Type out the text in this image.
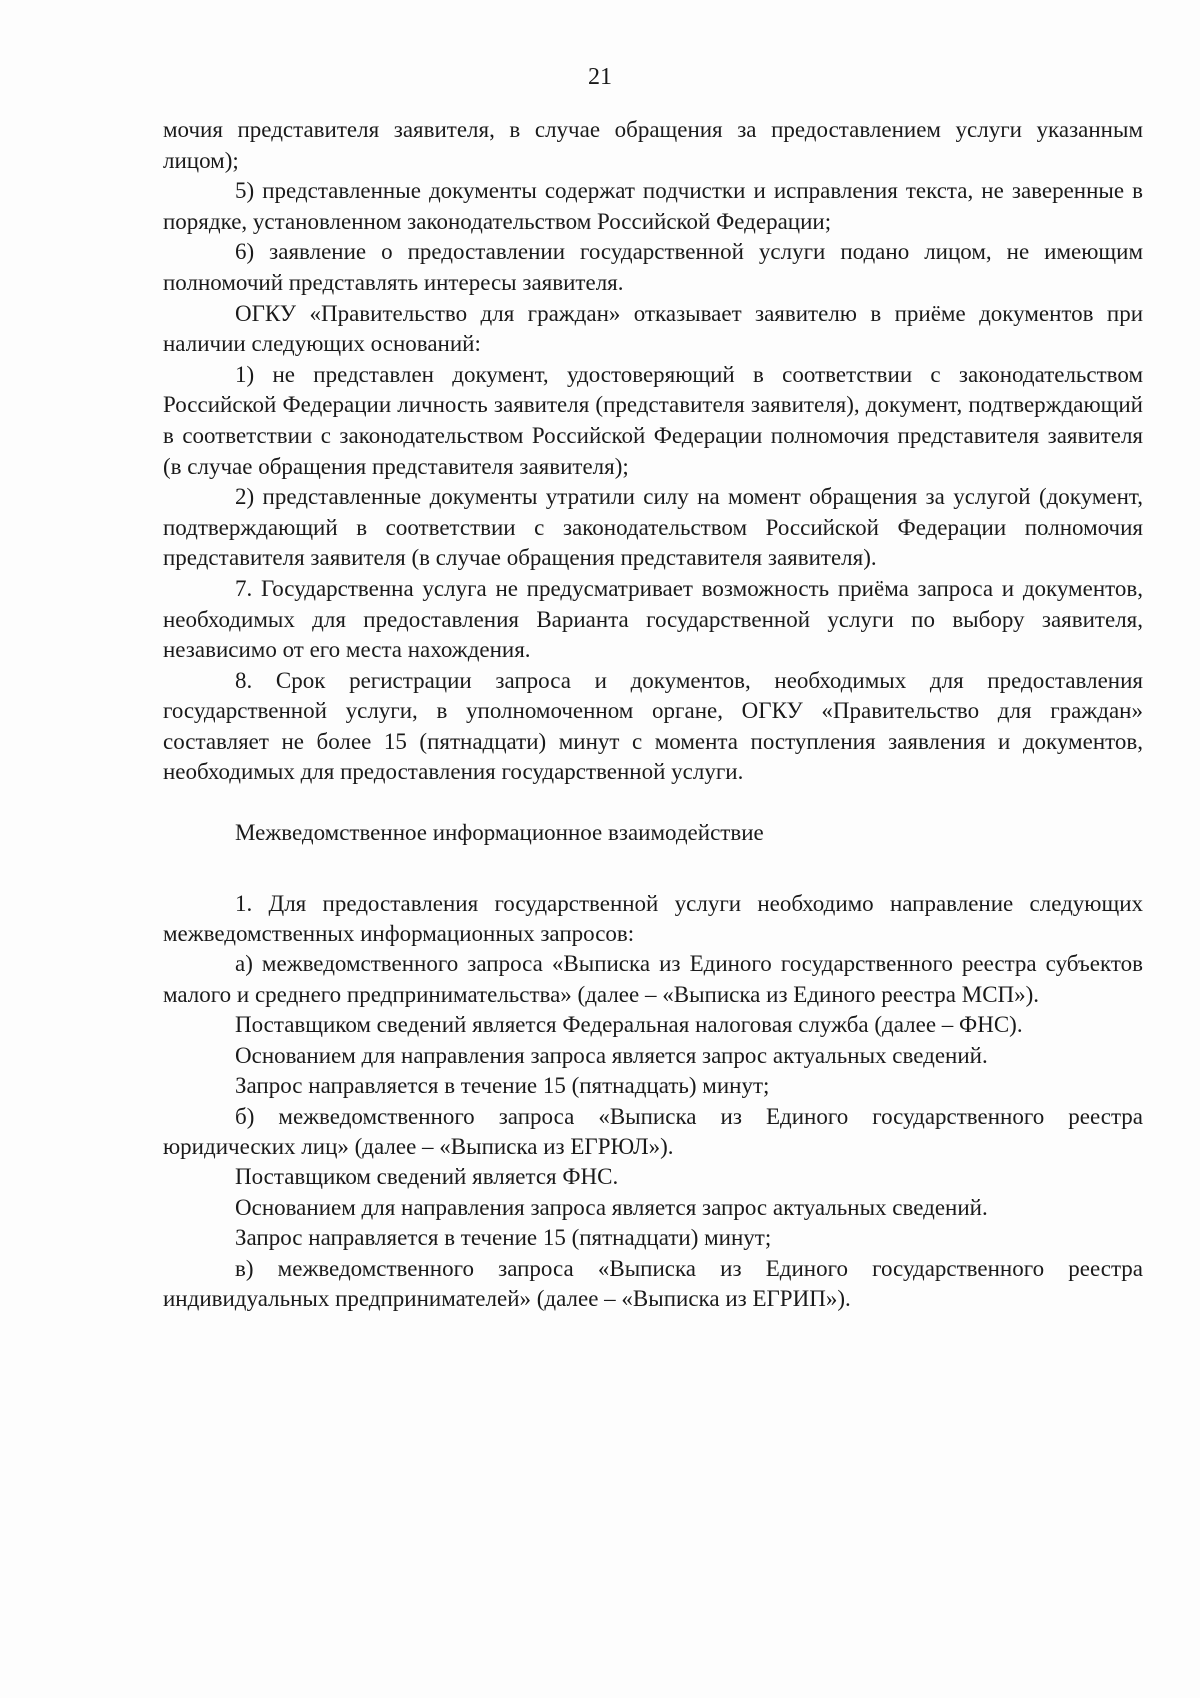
21

мочия представителя заявителя, в случае обращения за предоставлением услуги указанным лицом);

5) представленные документы содержат подчистки и исправления текста, не заверенные в порядке, установленном законодательством Российской Федерации;

6) заявление о предоставлении государственной услуги подано лицом, не имеющим полномочий представлять интересы заявителя.

ОГКУ «Правительство для граждан» отказывает заявителю в приёме документов при наличии следующих оснований:

1) не представлен документ, удостоверяющий в соответствии с законодательством Российской Федерации личность заявителя (представителя заявителя), документ, подтверждающий в соответствии с законодательством Российской Федерации полномочия представителя заявителя (в случае обращения представителя заявителя);

2) представленные документы утратили силу на момент обращения за услугой (документ, подтверждающий в соответствии с законодательством Российской Федерации полномочия представителя заявителя (в случае обращения представителя заявителя).

7. Государственна услуга не предусматривает возможность приёма запроса и документов, необходимых для предоставления Варианта государственной услуги по выбору заявителя, независимо от его места нахождения.

8. Срок регистрации запроса и документов, необходимых для предоставления государственной услуги, в уполномоченном органе, ОГКУ «Правительство для граждан» составляет не более 15 (пятнадцати) минут с момента поступления заявления и документов, необходимых для предоставления государственной услуги.

Межведомственное информационное взаимодействие

1. Для предоставления государственной услуги необходимо направление следующих межведомственных информационных запросов:

а) межведомственного запроса «Выписка из Единого государственного реестра субъектов малого и среднего предпринимательства» (далее – «Выписка из Единого реестра МСП»).

Поставщиком сведений является Федеральная налоговая служба (далее – ФНС).

Основанием для направления запроса является запрос актуальных сведений.

Запрос направляется в течение 15 (пятнадцать) минут;

б) межведомственного запроса «Выписка из Единого государственного реестра юридических лиц» (далее – «Выписка из ЕГРЮЛ»).

Поставщиком сведений является ФНС.

Основанием для направления запроса является запрос актуальных сведений.

Запрос направляется в течение 15 (пятнадцати) минут;

в) межведомственного запроса «Выписка из Единого государственного реестра индивидуальных предпринимателей» (далее – «Выписка из ЕГРИП»).
